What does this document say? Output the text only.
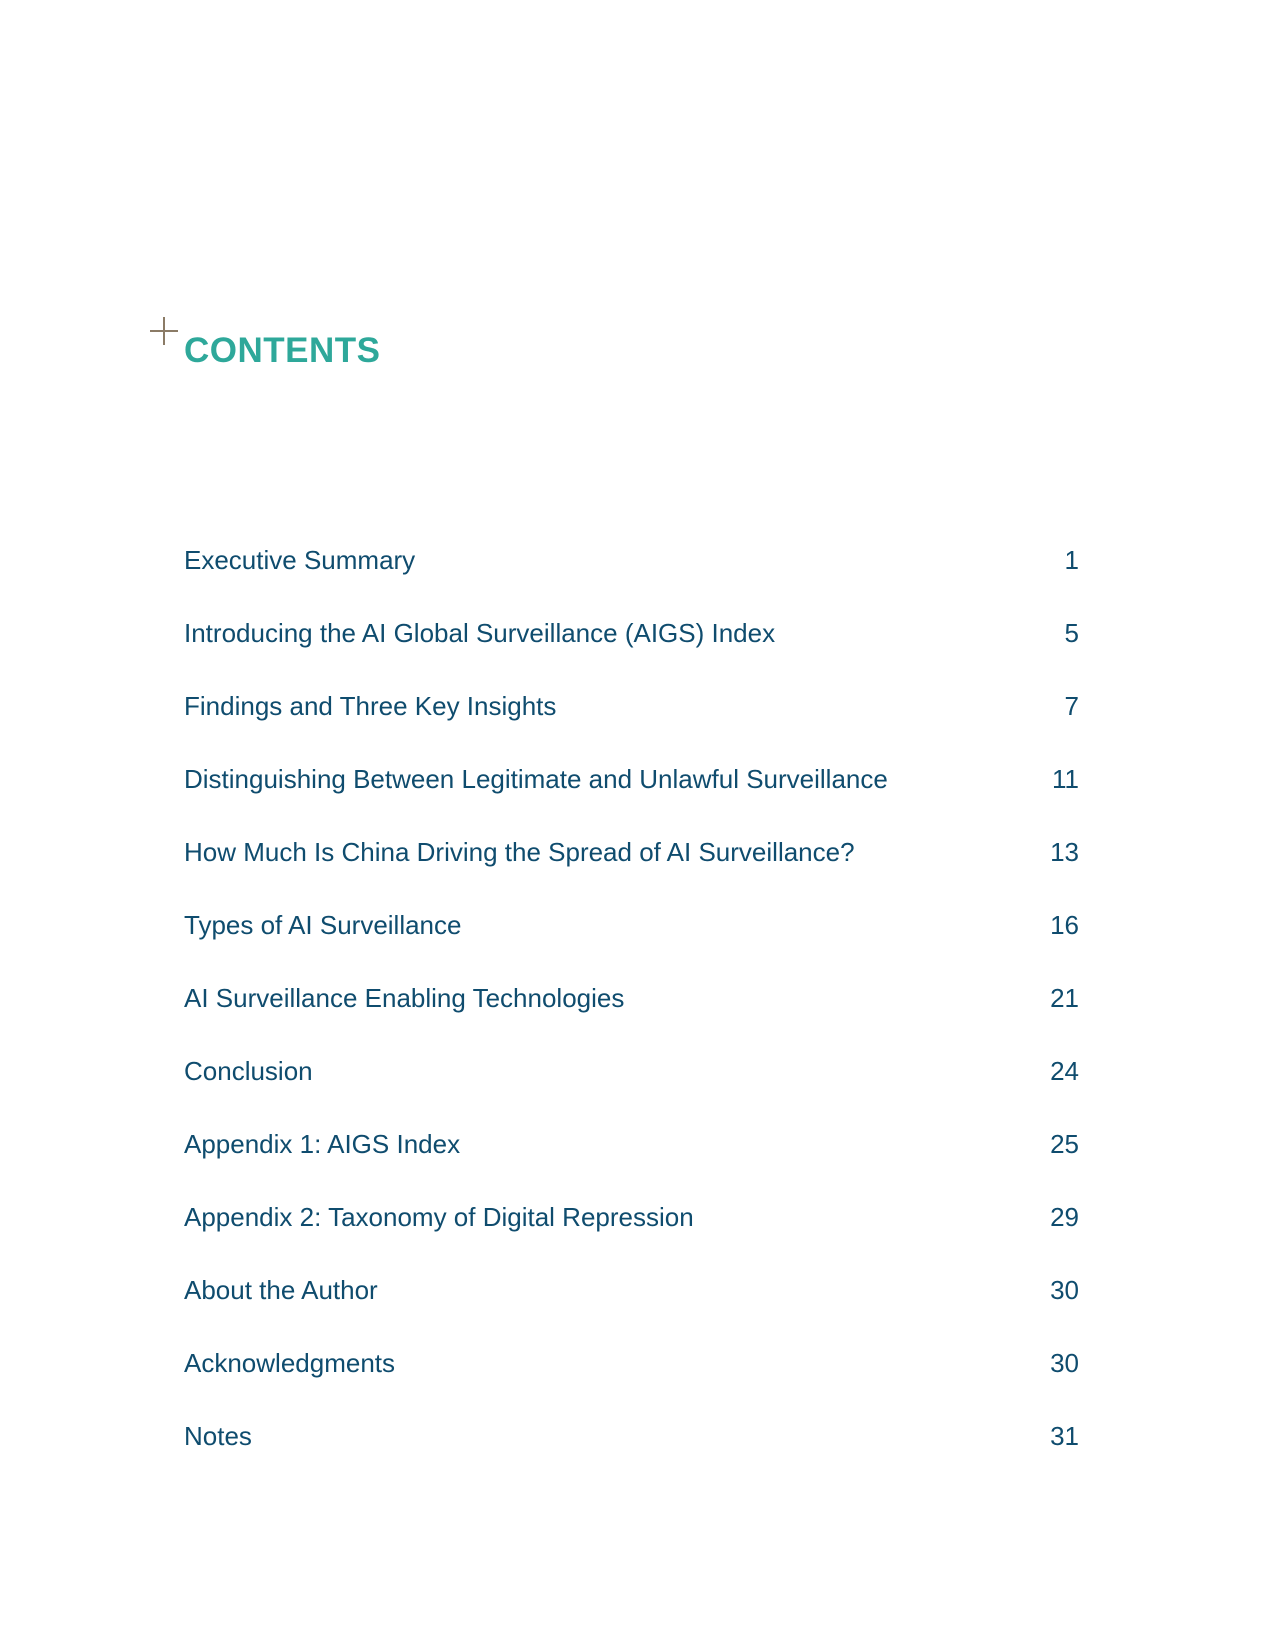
CONTENTS
Executive Summary	1
Introducing the AI Global Surveillance (AIGS) Index	5
Findings and Three Key Insights	7
Distinguishing Between Legitimate and Unlawful Surveillance	11
How Much Is China Driving the Spread of AI Surveillance?	13
Types of AI Surveillance	16
AI Surveillance Enabling Technologies	21
Conclusion	24
Appendix 1: AIGS Index	25
Appendix 2: Taxonomy of Digital Repression	29
About the Author	30
Acknowledgments	30
Notes	31
